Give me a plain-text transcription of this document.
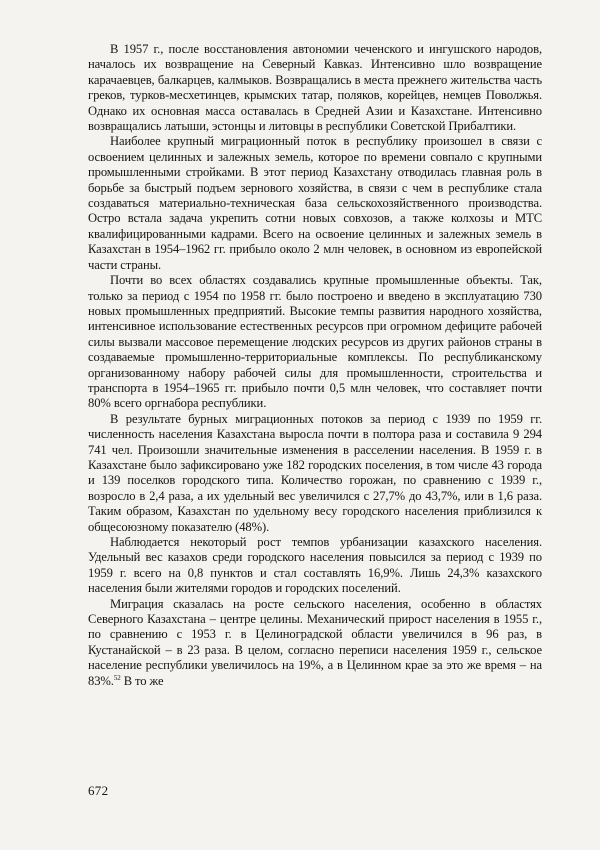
В 1957 г., после восстановления автономии чеченского и ингушского народов, началось их возвращение на Северный Кавказ. Интенсивно шло возвращение карачаевцев, балкарцев, калмыков. Возвращались в места прежнего жительства часть греков, турков-месхетинцев, крымских татар, поляков, корейцев, немцев Поволжья. Однако их основная масса оставалась в Средней Азии и Казахстане. Интенсивно возвращались латыши, эстонцы и литовцы в республики Советской Прибалтики.

Наиболее крупный миграционный поток в республику произошел в связи с освоением целинных и залежных земель, которое по времени совпало с крупными промышленными стройками. В этот период Казахстану отводилась главная роль в борьбе за быстрый подъем зернового хозяйства, в связи с чем в республике стала создаваться материально-техническая база сельскохозяйственного производства. Остро встала задача укрепить сотни новых совхозов, а также колхозы и МТС квалифицированными кадрами. Всего на освоение целинных и залежных земель в Казахстан в 1954–1962 гг. прибыло около 2 млн человек, в основном из европейской части страны.

Почти во всех областях создавались крупные промышленные объекты. Так, только за период с 1954 по 1958 гг. было построено и введено в эксплуатацию 730 новых промышленных предприятий. Высокие темпы развития народного хозяйства, интенсивное использование естественных ресурсов при огромном дефиците рабочей силы вызвали массовое перемещение людских ресурсов из других районов страны в создаваемые промышленно-территориальные комплексы. По республиканскому организованному набору рабочей силы для промышленности, строительства и транспорта в 1954–1965 гг. прибыло почти 0,5 млн человек, что составляет почти 80% всего оргнабора республики.

В результате бурных миграционных потоков за период с 1939 по 1959 гг. численность населения Казахстана выросла почти в полтора раза и составила 9 294 741 чел. Произошли значительные изменения в расселении населения. В 1959 г. в Казахстане было зафиксировано уже 182 городских поселения, в том числе 43 города и 139 поселков городского типа. Количество горожан, по сравнению с 1939 г., возросло в 2,4 раза, а их удельный вес увеличился с 27,7% до 43,7%, или в 1,6 раза. Таким образом, Казахстан по удельному весу городского населения приблизился к общесоюзному показателю (48%).

Наблюдается некоторый рост темпов урбанизации казахского населения. Удельный вес казахов среди городского населения повысился за период с 1939 по 1959 г. всего на 0,8 пунктов и стал составлять 16,9%. Лишь 24,3% казахского населения были жителями городов и городских поселений.

Миграция сказалась на росте сельского населения, особенно в областях Северного Казахстана – центре целины. Механический прирост населения в 1955 г., по сравнению с 1953 г. в Целиноградской области увеличился в 96 раз, в Кустанайской – в 23 раза. В целом, согласно переписи населения 1959 г., сельское население республики увеличилось на 19%, а в Целинном крае за это же время – на 83%.$^{52}$ В то же

672
